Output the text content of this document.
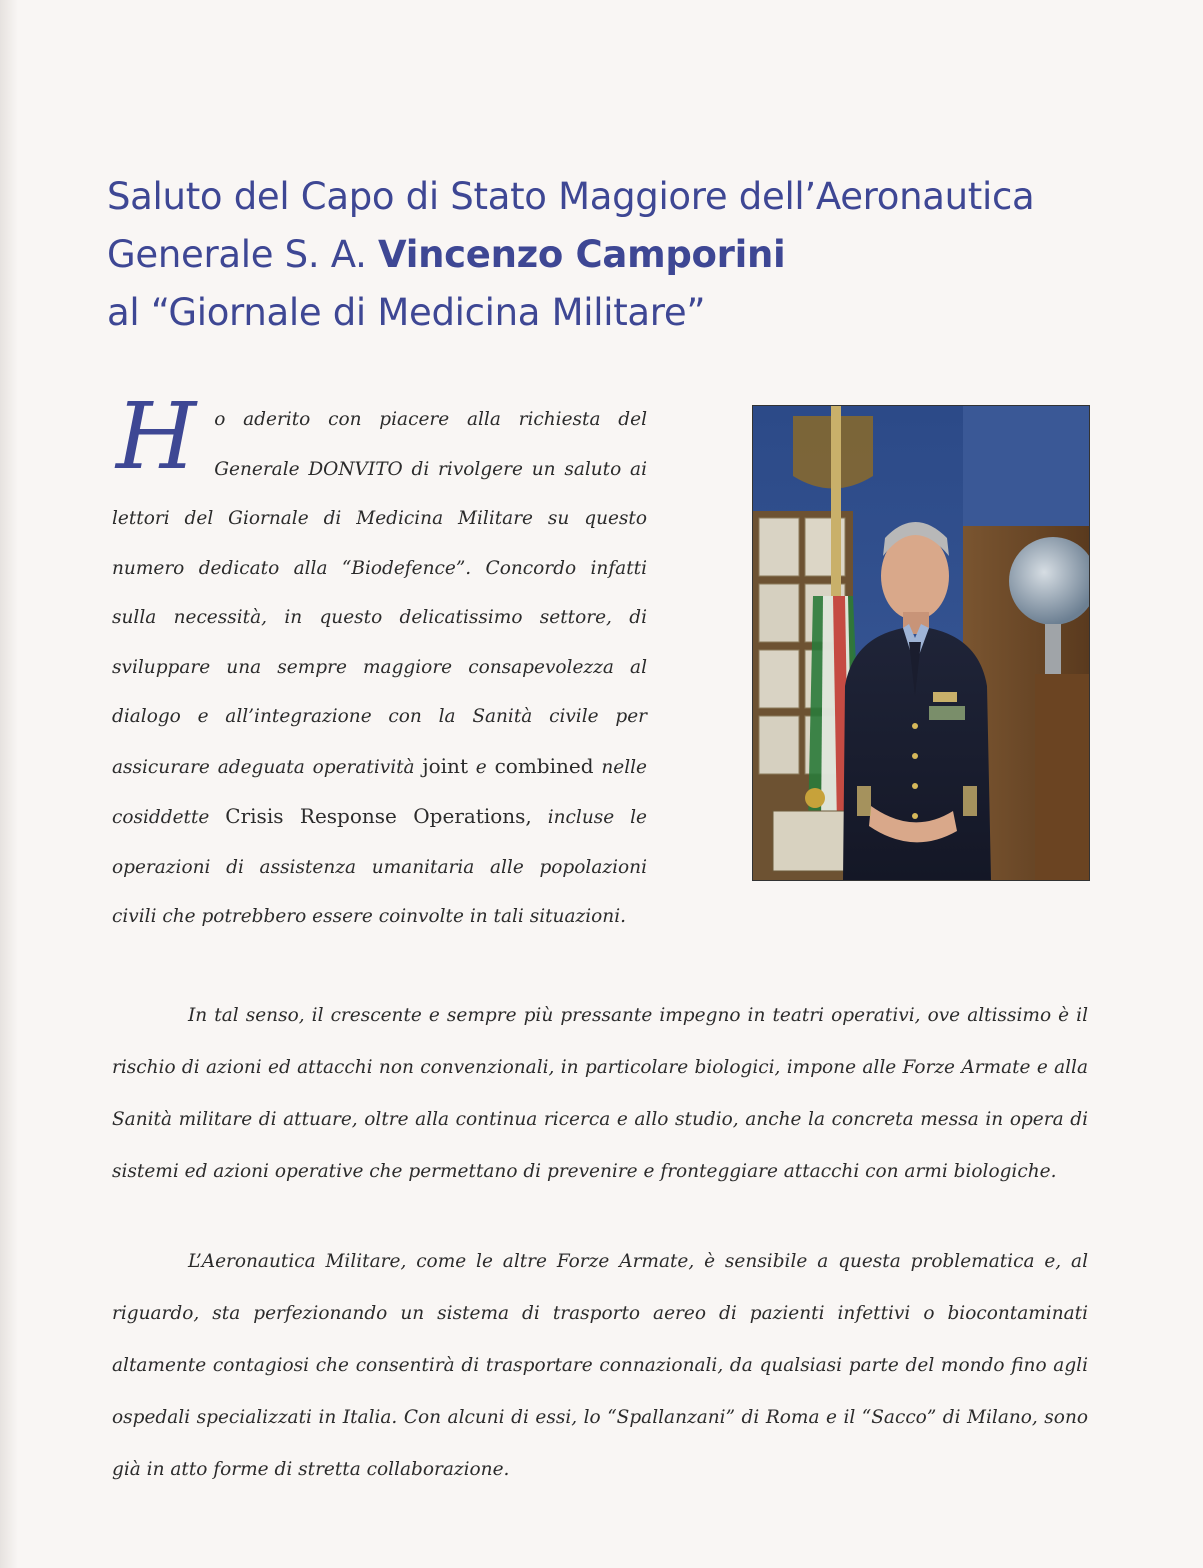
Saluto del Capo di Stato Maggiore dell’Aeronautica
Generale S. A. Vincenzo Camporini
al “Giornale di Medicina Militare”
Ho aderito con piacere alla richiesta del Generale DONVITO di rivolgere un saluto ai lettori del Giornale di Medicina Militare su questo numero dedicato alla “Biodefence”. Concordo infatti sulla necessità, in questo delicatissimo settore, di sviluppare una sempre maggiore consapevolezza al dialogo e all’integrazione con la Sanità civile per assicurare adeguata operatività joint e combined nelle cosiddette Crisis Response Operations, incluse le operazioni di assistenza umanitaria alle popolazioni civili che potrebbero essere coinvolte in tali situazioni.
In tal senso, il crescente e sempre più pressante impegno in teatri operativi, ove altissimo è il rischio di azioni ed attacchi non convenzionali, in particolare biologici, impone alle Forze Armate e alla Sanità militare di attuare, oltre alla continua ricerca e allo studio, anche la concreta messa in opera di sistemi ed azioni operative che permettano di prevenire e fronteggiare attacchi con armi biologiche.
L’Aeronautica Militare, come le altre Forze Armate, è sensibile a questa problematica e, al riguardo, sta perfezionando un sistema di trasporto aereo di pazienti infettivi o biocontaminati altamente contagiosi che consentirà di trasportare connazionali, da qualsiasi parte del mondo fino agli ospedali specializzati in Italia. Con alcuni di essi, lo “Spallanzani” di Roma e il “Sacco” di Milano, sono già in atto forme di stretta collaborazione.
